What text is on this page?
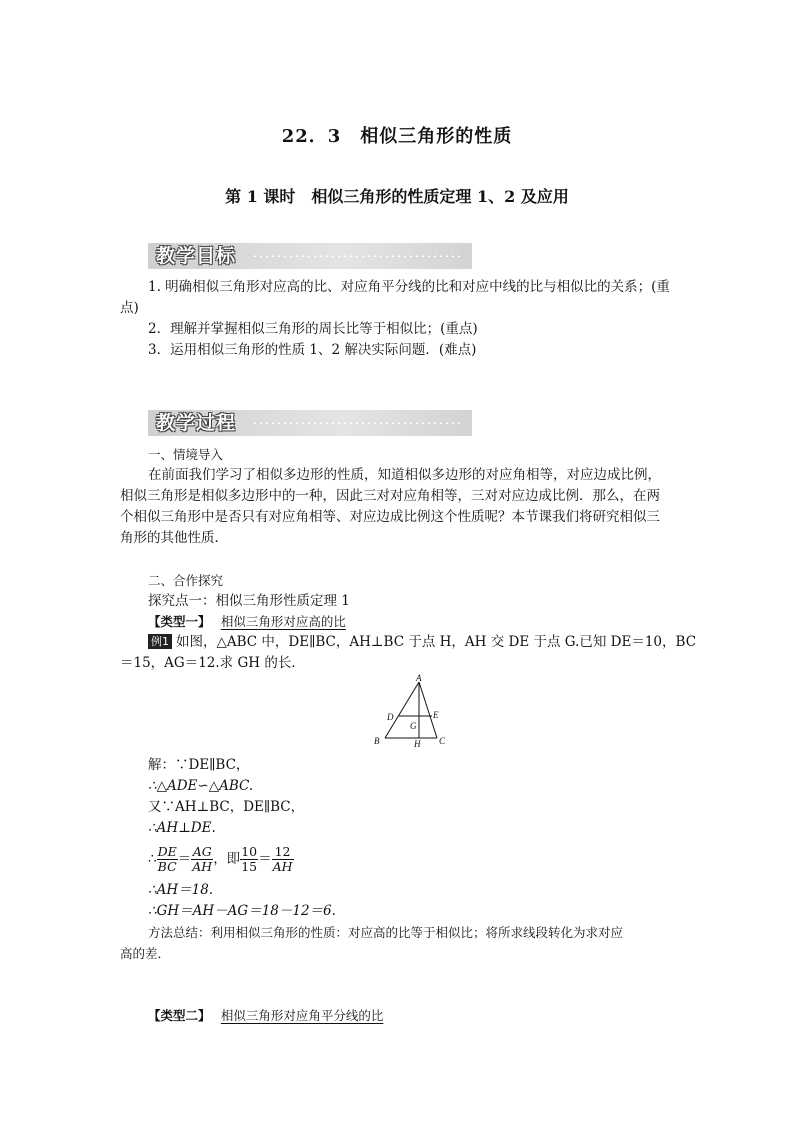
22．3　相似三角形的性质
第 1 课时　相似三角形的性质定理 1、2 及应用
教学目标
1. 明确相似三角形对应高的比、对应角平分线的比和对应中线的比与相似比的关系；(重
点)
2．理解并掌握相似三角形的周长比等于相似比；(重点)
3．运用相似三角形的性质 1、2 解决实际问题．(难点)
教学过程
一、情境导入
在前面我们学习了相似多边形的性质，知道相似多边形的对应角相等，对应边成比例，
相似三角形是相似多边形中的一种，因此三对对应角相等，三对对应边成比例．那么，在两
个相似三角形中是否只有对应角相等、对应边成比例这个性质呢？本节课我们将研究相似三
角形的其他性质．
二、合作探究
探究点一：相似三角形性质定理 1
【类型一】 相似三角形对应高的比
例1 如图，△ABC 中，DE∥BC，AH⊥BC 于点 H，AH 交 DE 于点 G.已知 DE＝10，BC
＝15，AG＝12.求 GH 的长．
A
B	C
D	E
G
H
解：∵DE∥BC，
∴△ADE∽△ABC.
又∵AH⊥BC，DE∥BC，
∴AH⊥DE.
∴ $\frac{DE}{BC} = \frac{AG}{AH}$ ，即 $\frac{10}{15} = \frac{12}{AH}$
∴AH＝18.
∴GH＝AH－AG＝18－12＝6.
方法总结：利用相似三角形的性质：对应高的比等于相似比；将所求线段转化为求对应
高的差．
【类型二】 相似三角形对应角平分线的比
